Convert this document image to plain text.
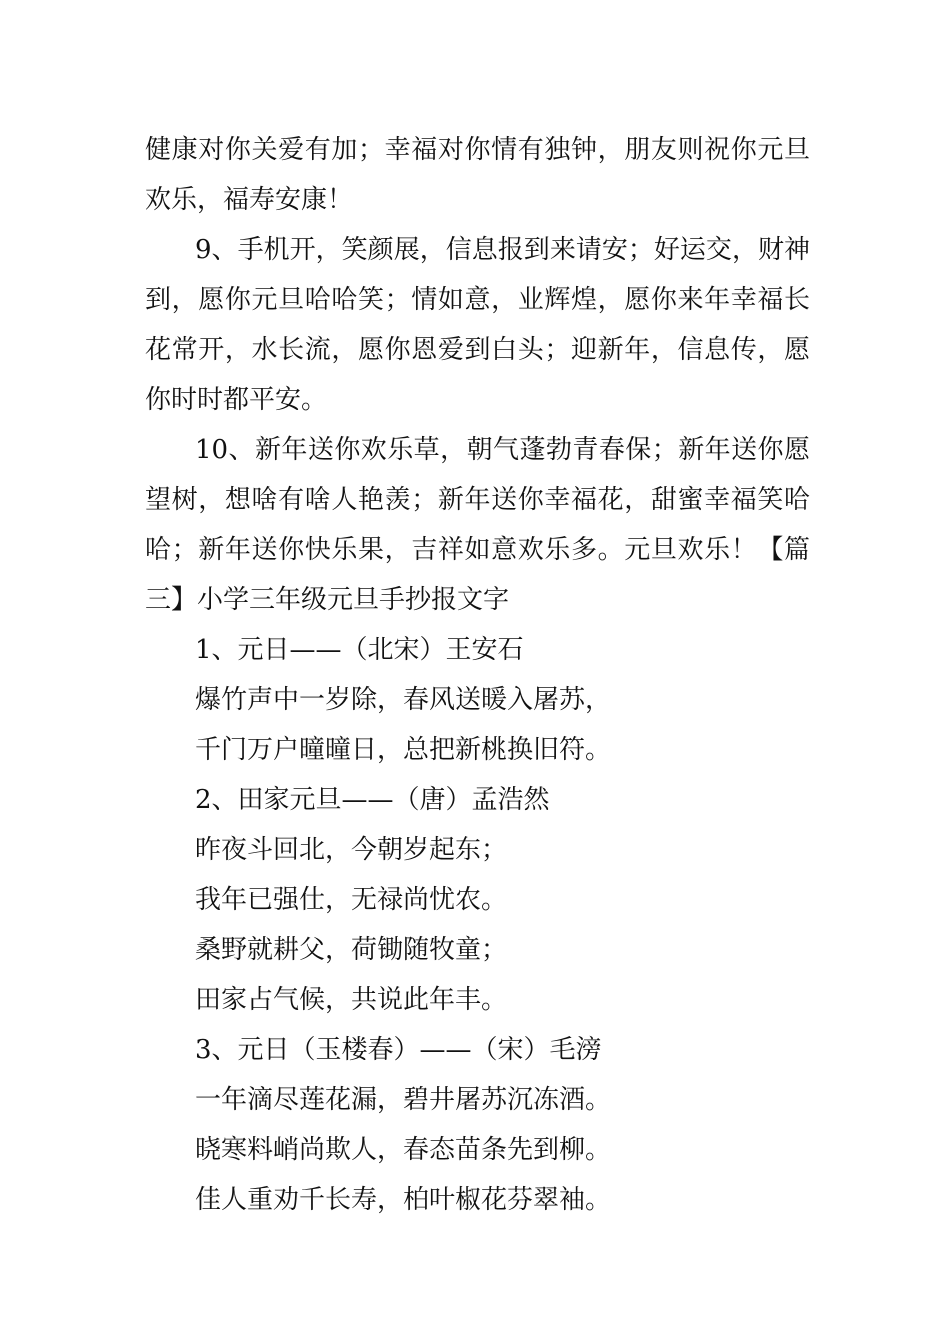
健康对你关爱有加；幸福对你情有独钟，朋友则祝你元旦欢乐，福寿安康！

9、手机开，笑颜展，信息报到来请安；好运交，财神到，愿你元旦哈哈笑；情如意，业辉煌，愿你来年幸福长花常开，水长流，愿你恩爱到白头；迎新年，信息传，愿你时时都平安。

10、新年送你欢乐草，朝气蓬勃青春保；新年送你愿望树，想啥有啥人艳羡；新年送你幸福花，甜蜜幸福笑哈哈；新年送你快乐果，吉祥如意欢乐多。元旦欢乐！【篇三】小学三年级元旦手抄报文字

1、元日——（北宋）王安石

爆竹声中一岁除，春风送暖入屠苏，

千门万户曈曈日，总把新桃换旧符。

2、田家元旦——（唐）孟浩然

昨夜斗回北，今朝岁起东；

我年已强仕，无禄尚忧农。

桑野就耕父，荷锄随牧童；

田家占气候，共说此年丰。

3、元日（玉楼春）——（宋）毛滂

一年滴尽莲花漏，碧井屠苏沉冻酒。

晓寒料峭尚欺人，春态苗条先到柳。

佳人重劝千长寿，柏叶椒花芬翠袖。
